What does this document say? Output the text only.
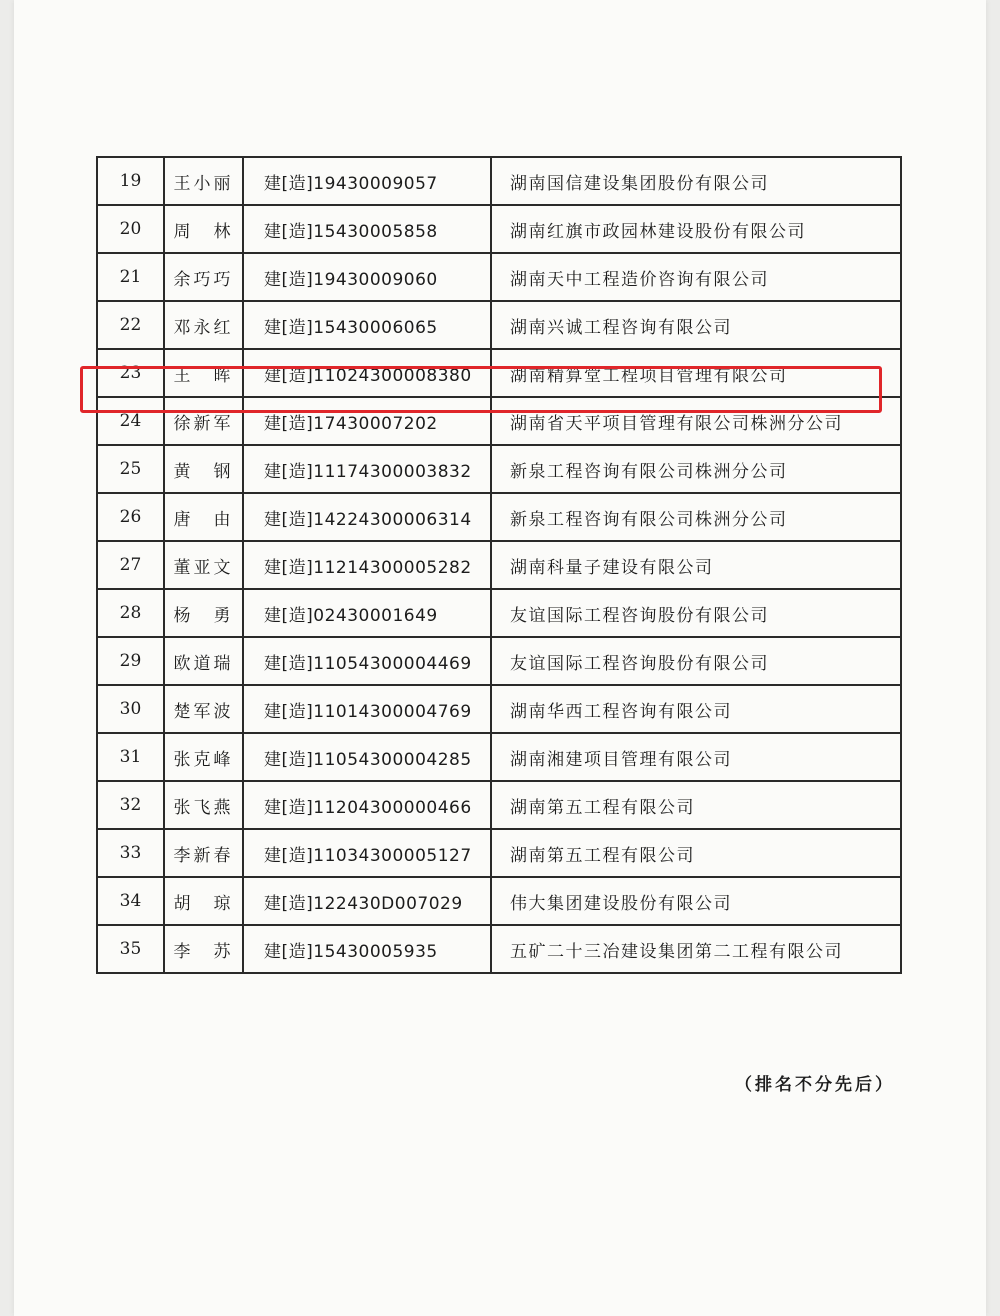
19	王小丽	建[造]19430009057	湖南国信建设集团股份有限公司
20	周　林	建[造]15430005858	湖南红旗市政园林建设股份有限公司
21	余巧巧	建[造]19430009060	湖南天中工程造价咨询有限公司
22	邓永红	建[造]15430006065	湖南兴诚工程咨询有限公司
23	王　晖	建[造]11024300008380	湖南精算堂工程项目管理有限公司
24	徐新军	建[造]17430007202	湖南省天平项目管理有限公司株洲分公司
25	黄　钢	建[造]11174300003832	新泉工程咨询有限公司株洲分公司
26	唐　由	建[造]14224300006314	新泉工程咨询有限公司株洲分公司
27	董亚文	建[造]11214300005282	湖南科量子建设有限公司
28	杨　勇	建[造]02430001649	友谊国际工程咨询股份有限公司
29	欧道瑞	建[造]11054300004469	友谊国际工程咨询股份有限公司
30	楚军波	建[造]11014300004769	湖南华西工程咨询有限公司
31	张克峰	建[造]11054300004285	湖南湘建项目管理有限公司
32	张飞燕	建[造]11204300000466	湖南第五工程有限公司
33	李新春	建[造]11034300005127	湖南第五工程有限公司
34	胡　琼	建[造]122430D007029	伟大集团建设股份有限公司
35	李　苏	建[造]15430005935	五矿二十三冶建设集团第二工程有限公司
（排名不分先后）
